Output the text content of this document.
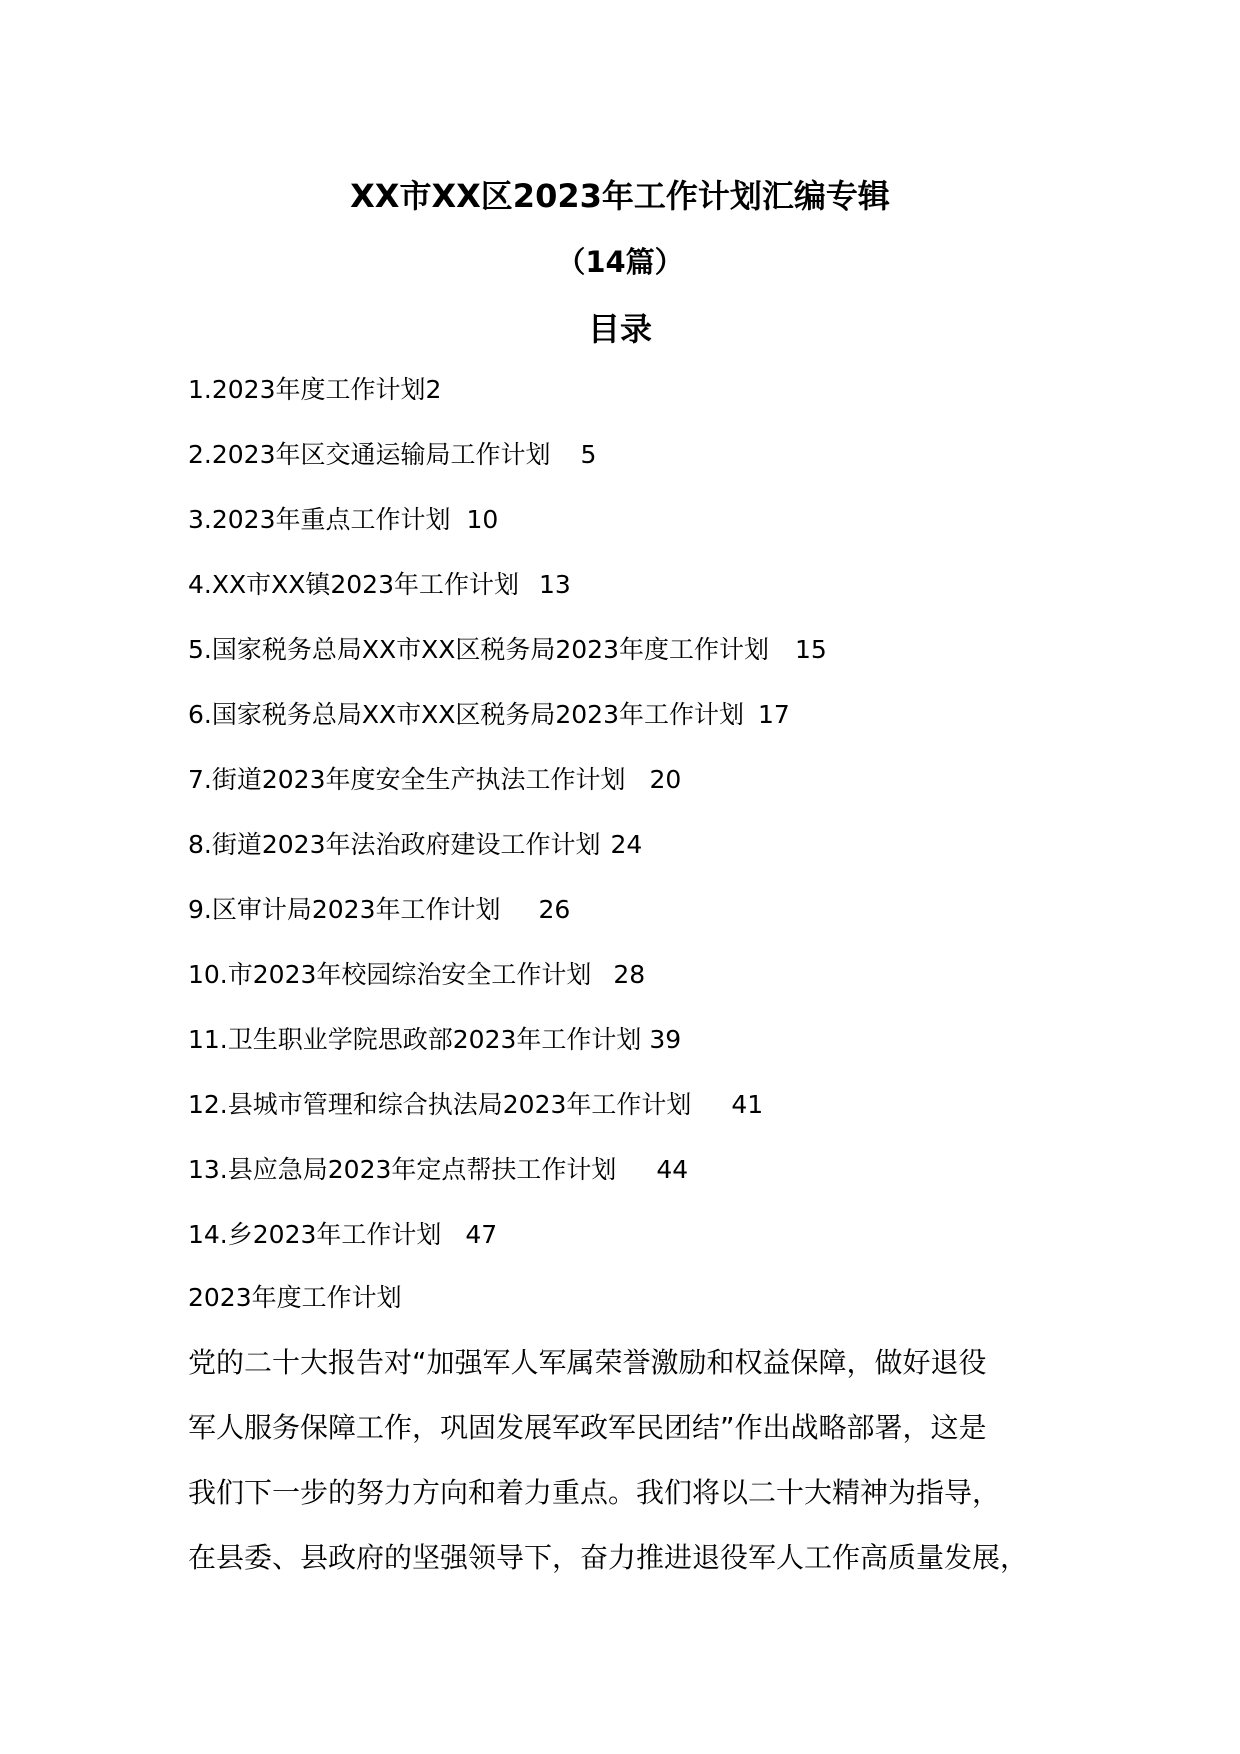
XX市XX区2023年工作计划汇编专辑
（14篇）
目录
1.2023年度工作计划2
2.2023年区交通运输局工作计划 5
3.2023年重点工作计划 10
4.XX市XX镇2023年工作计划 13
5.国家税务总局XX市XX区税务局2023年度工作计划 15
6.国家税务总局XX市XX区税务局2023年工作计划 17
7.街道2023年度安全生产执法工作计划 20
8.街道2023年法治政府建设工作计划 24
9.区审计局2023年工作计划 26
10.市2023年校园综治安全工作计划 28
11.卫生职业学院思政部2023年工作计划 39
12.县城市管理和综合执法局2023年工作计划 41
13.县应急局2023年定点帮扶工作计划 44
14.乡2023年工作计划 47
2023年度工作计划
党的二十大报告对“加强军人军属荣誉激励和权益保障，做好退役
军人服务保障工作，巩固发展军政军民团结”作出战略部署，这是
我们下一步的努力方向和着力重点。我们将以二十大精神为指导，
在县委、县政府的坚强领导下，奋力推进退役军人工作高质量发展，
